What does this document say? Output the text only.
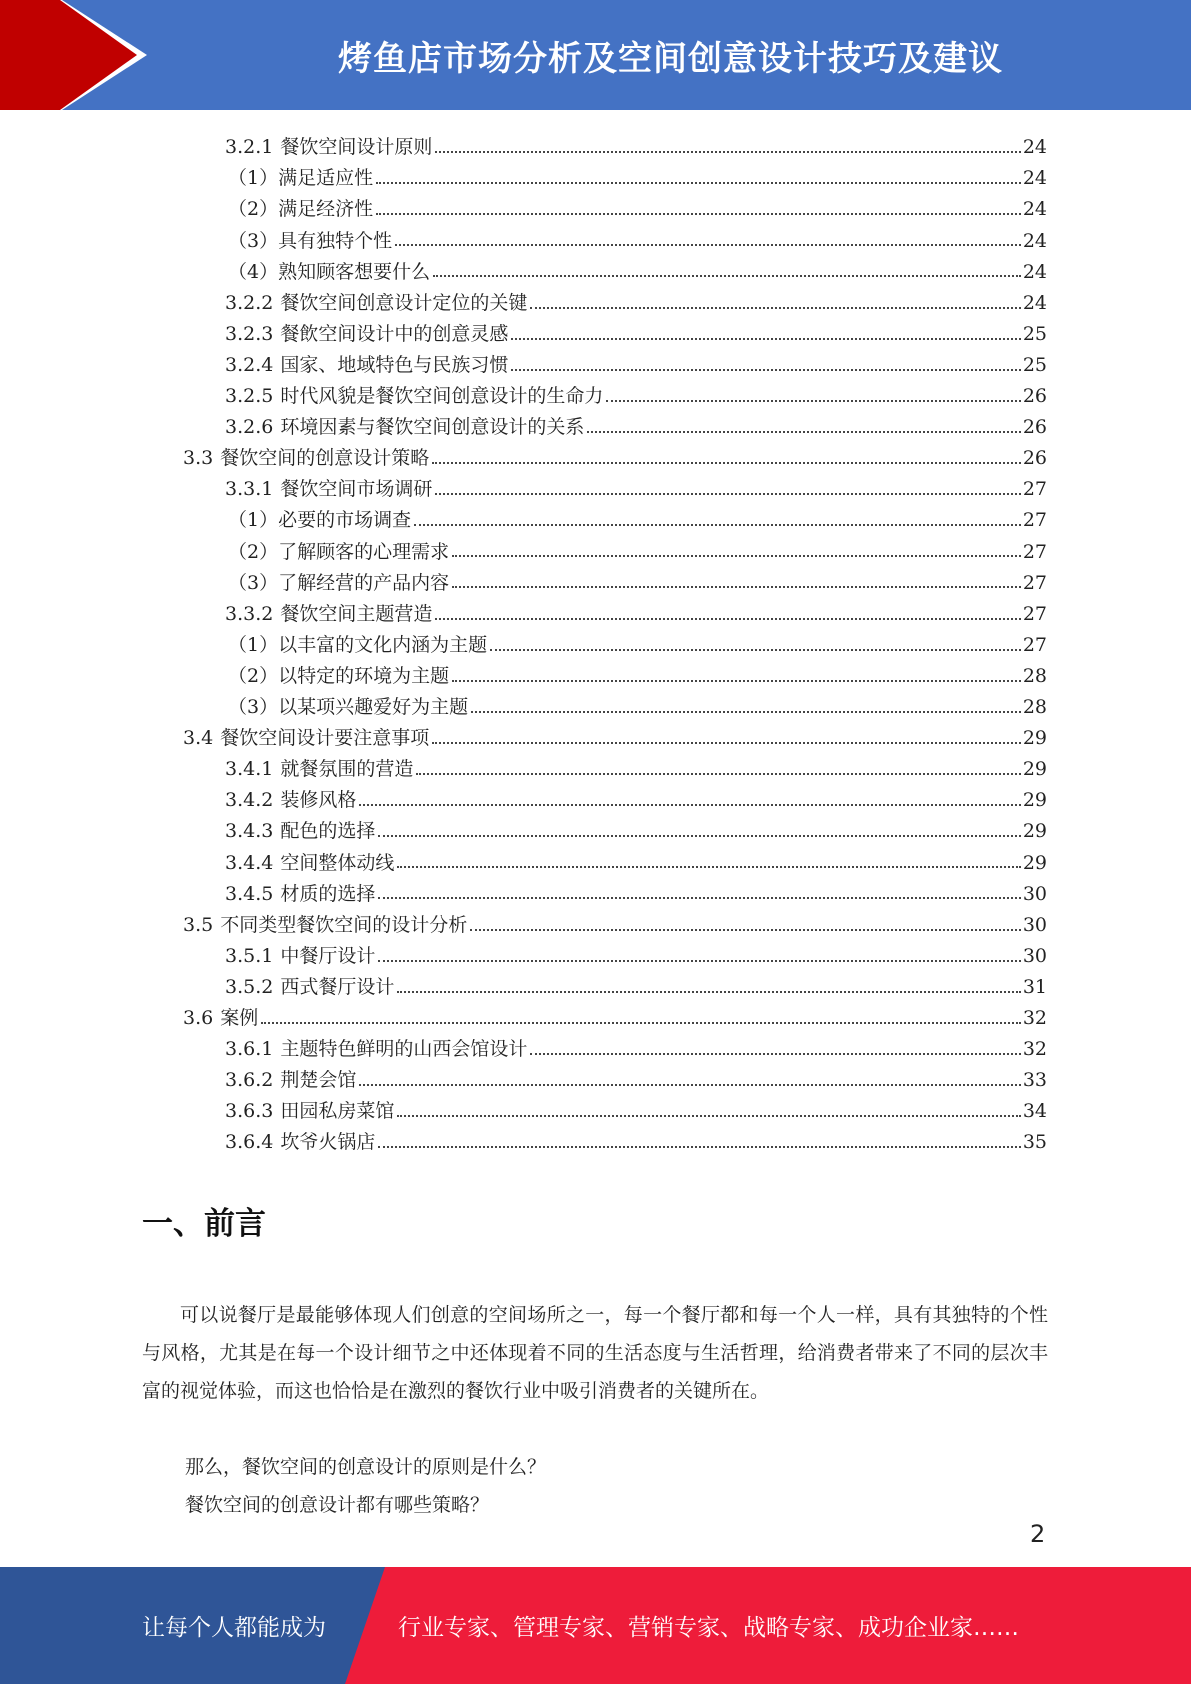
烤鱼店市场分析及空间创意设计技巧及建议
3.2.1 餐饮空间设计原则	24
（1） 满足适应性	24
（2） 满足经济性	24
（3） 具有独特个性	24
（4） 熟知顾客想要什么	24
3.2.2 餐饮空间创意设计定位的关键	24
3.2.3 餐飲空间设计中的创意灵感	25
3.2.4 国家、地域特色与民族习惯	25
3.2.5 时代风貌是餐饮空间创意设计的生命力	26
3.2.6 环境因素与餐饮空间创意设计的关系	26
3.3 餐饮空间的创意设计策略	26
3.3.1 餐饮空间市场调研	27
（1） 必要的市场调查	27
（2） 了解顾客的心理需求	27
（3） 了解经营的产品内容	27
3.3.2 餐饮空间主题营造	27
（1） 以丰富的文化内涵为主题	27
（2） 以特定的环境为主题	28
（3） 以某项兴趣爱好为主题	28
3.4 餐饮空间设计要注意事项	29
3.4.1 就餐氛围的营造	29
3.4.2 装修风格	29
3.4.3 配色的选择	29
3.4.4 空间整体动线	29
3.4.5 材质的选择	30
3.5 不同类型餐饮空间的设计分析	30
3.5.1 中餐厅设计	30
3.5.2 西式餐厅设计	31
3.6 案例	32
3.6.1 主题特色鲜明的山西会馆设计	32
3.6.2 荆楚会馆	33
3.6.3 田园私房菜馆	34
3.6.4 坎爷火锅店	35
一、前言

可以说餐厅是最能够体现人们创意的空间场所之一，每一个餐厅都和每一个人一样，具有其独特的个性与风格，尤其是在每一个设计细节之中还体现着不同的生活态度与生活哲理，给消费者带来了不同的层次丰富的视觉体验，而这也恰恰是在激烈的餐饮行业中吸引消费者的关键所在。

那么，餐饮空间的创意设计的原则是什么？

餐饮空间的创意设计都有哪些策略？

2
让每个人都能成为	行业专家、管理专家、营销专家、战略专家、成功企业家……
